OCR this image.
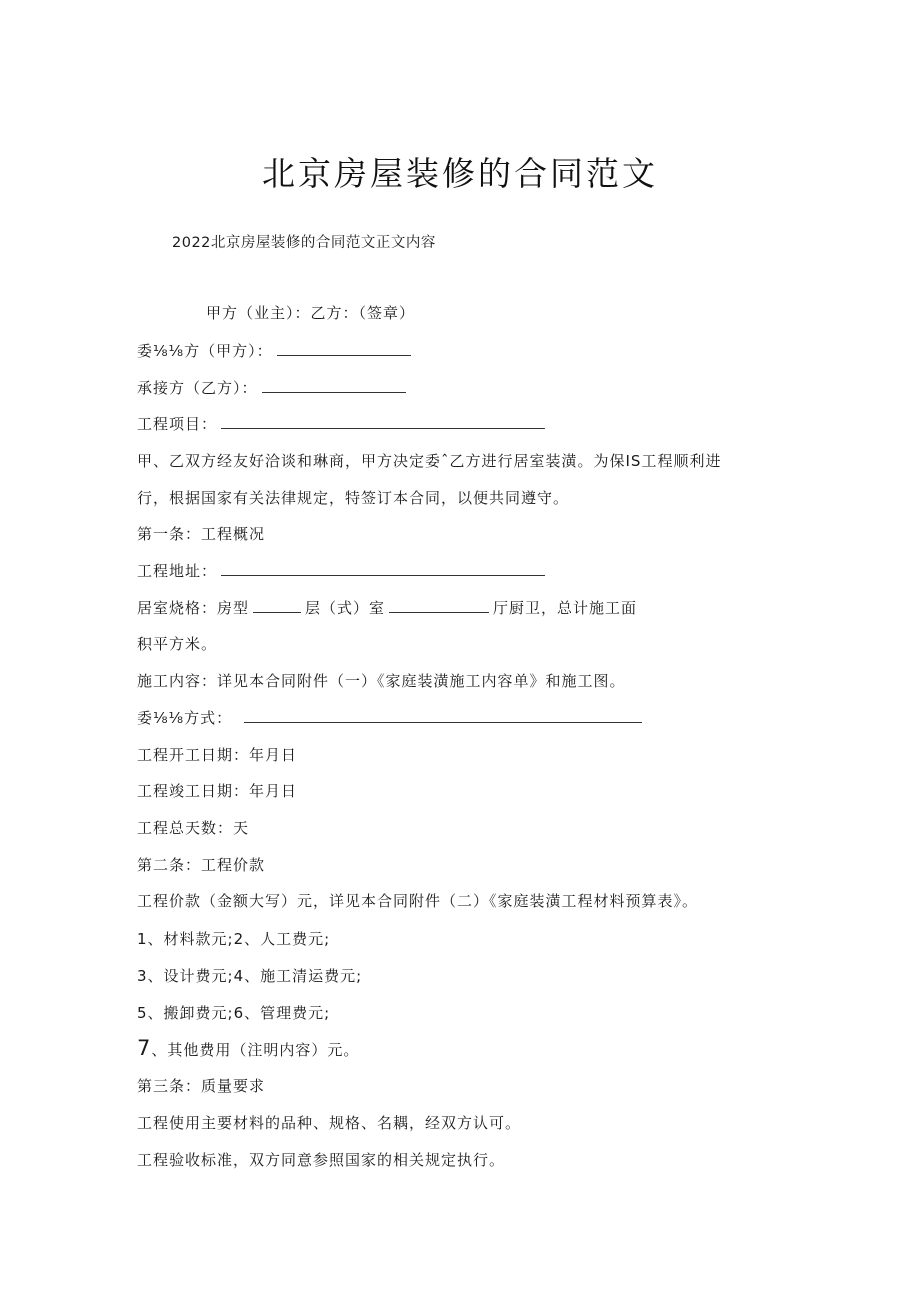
北京房屋装修的合同范文
2022北京房屋装修的合同范文正文内容
甲方（业主）：乙方：（签章）
委⅛⅛方（甲方）：
承接方（乙方）：
工程项目：
甲、乙双方经友好洽谈和琳商，甲方决定委ˆ乙方进行居室装潢。为保IS工程顺利进
行，根据国家有关法律规定，特签订本合同，以便共同遵守。
第一条：工程概况
工程地址：
居室烧格：房型	层（式）室	厅厨卫，总计施工面
积平方米。
施工内容：详见本合同附件（一）《家庭装潢施工内容单》和施工图。
委⅛⅛方式：
工程开工日期：年月日
工程竣工日期：年月日
工程总天数：天
第二条：工程价款
工程价款（金额大写）元，详见本合同附件（二）《家庭装潢工程材料预算表》。
1、材料款元;2、人工费元;
3、设计费元;4、施工清运费元;
5、搬卸费元;6、管理费元;
7、其他费用（注明内容）元。
第三条：质量要求
工程使用主要材料的品种、规格、名耦，经双方认可。
工程验收标准，双方同意参照国家的相关规定执行。
